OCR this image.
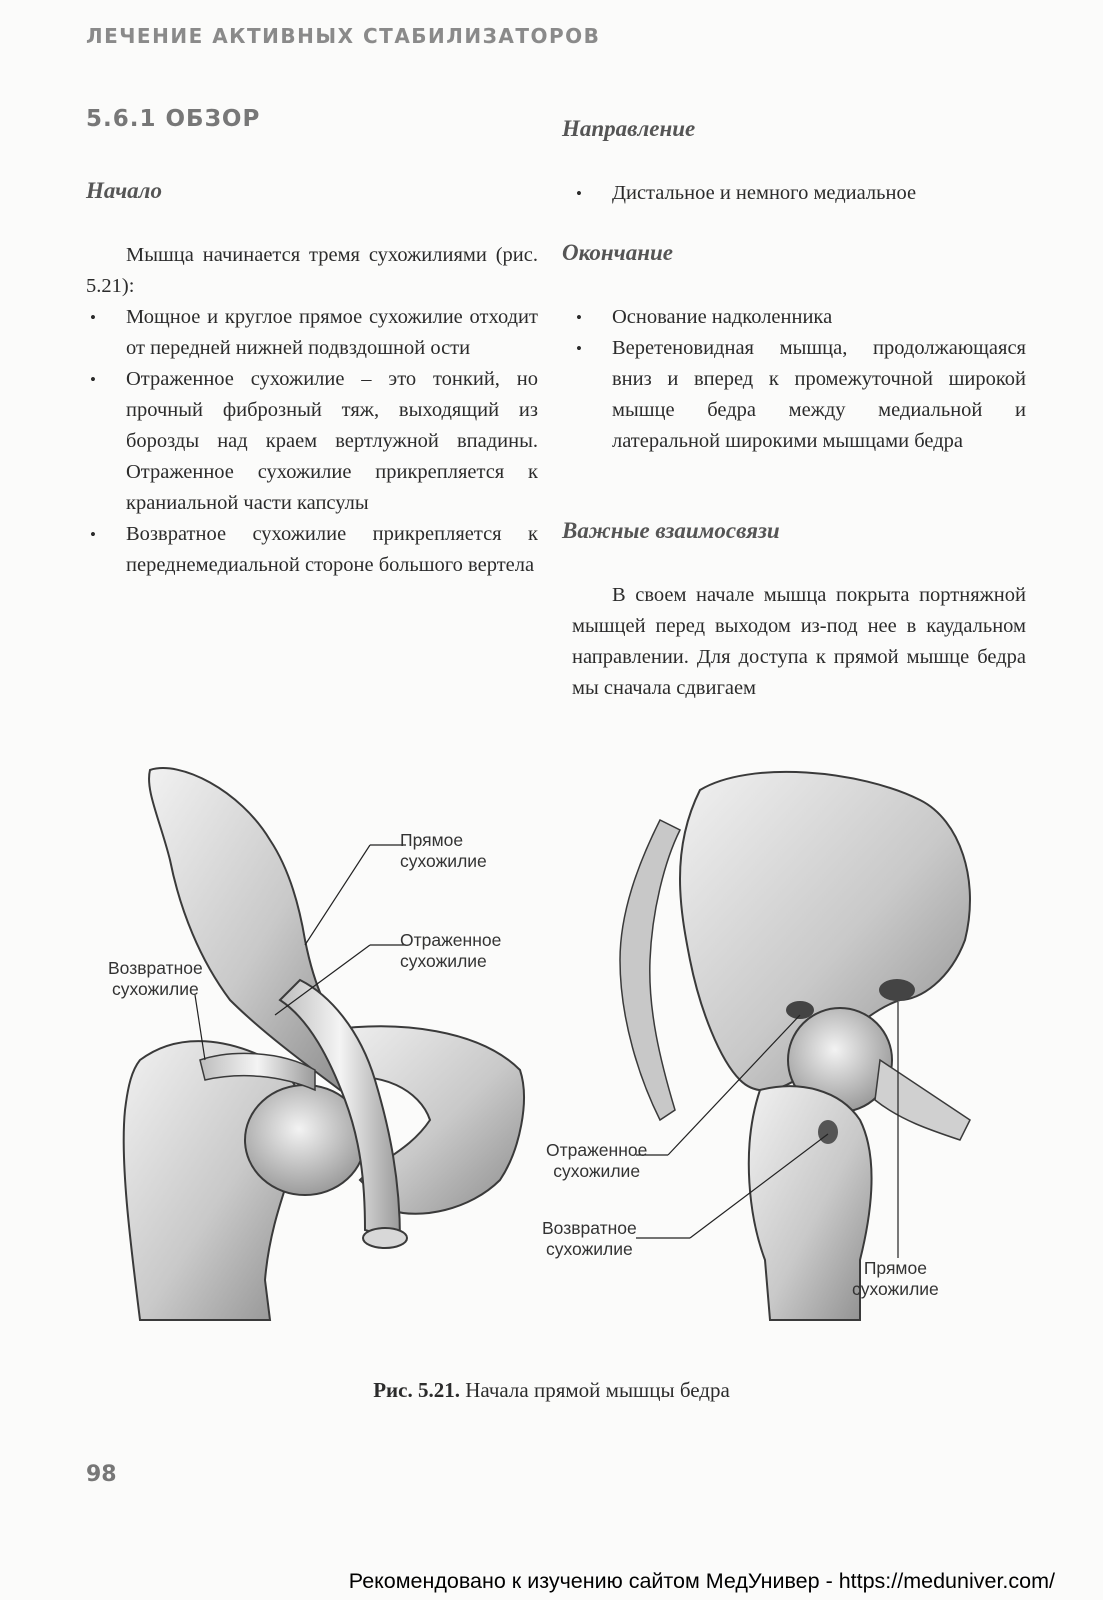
ЛЕЧЕНИЕ АКТИВНЫХ СТАБИЛИЗАТОРОВ
5.6.1 ОБЗОР
Начало

Мышца начинается тремя сухожилиями (рис. 5.21):

• Мощное и круглое прямое сухожилие отходит от передней нижней подвздошной ости
• Отраженное сухожилие – это тонкий, но прочный фиброзный тяж, выходящий из борозды над краем вертлужной впадины. Отраженное сухожилие прикрепляется к краниальной части капсулы
• Возвратное сухожилие прикрепляется к переднемедиальной стороне большого вертела
Направление
• Дистальное и немного медиальное
Окончание
• Основание надколенника
• Веретеновидная мышца, продолжающаяся вниз и вперед к промежуточной широкой мышце бедра между медиальной и латеральной широкими мышцами бедра
Важные взаимосвязи

В своем начале мышца покрыта портняжной мышцей перед выходом из-под нее в каудальном направлении. Для доступа к прямой мышце бедра мы сначала сдвигаем

Прямое
сухожилие
Отраженное
сухожилие
Возвратное
сухожилие
Отраженное
сухожилие
Возвратное
сухожилие
Прямое
сухожилие
Рис. 5.21. Начала прямой мышцы бедра
98
Рекомендовано к изучению сайтом МедУнивер - https://meduniver.com/
